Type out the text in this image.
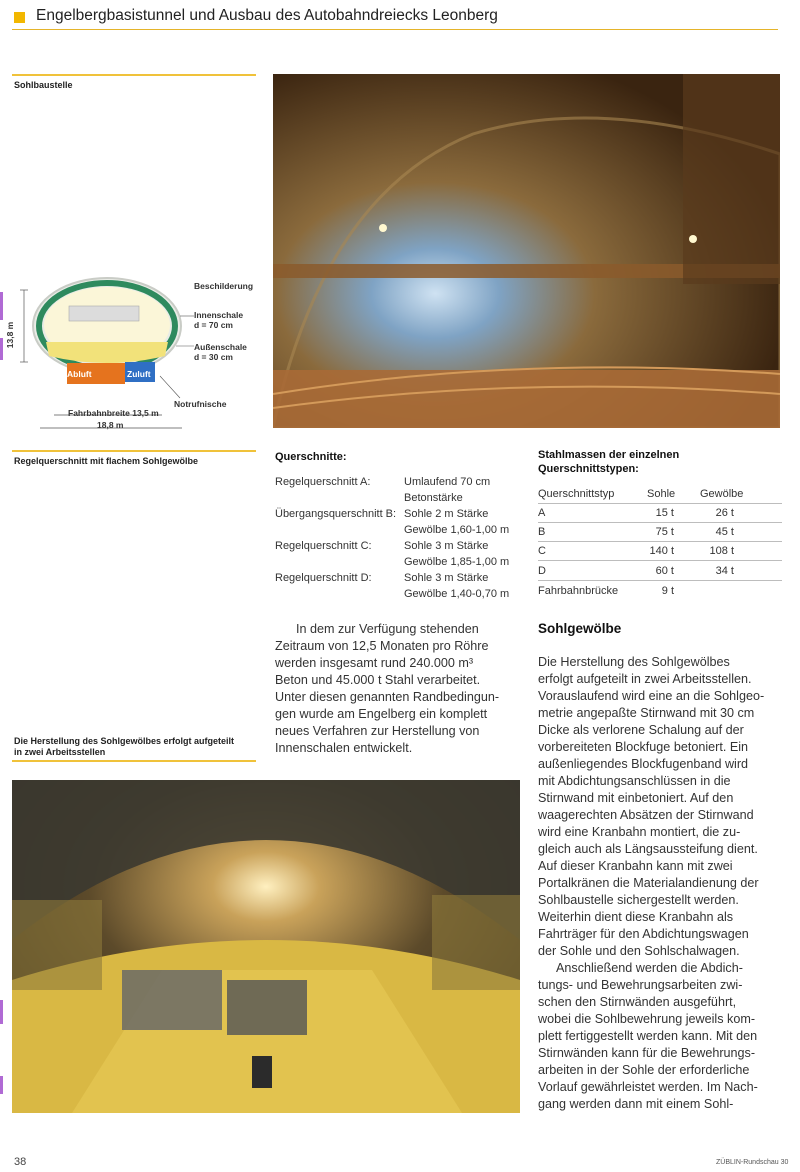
Engelbergbasistunnel und Ausbau des Autobahndreiecks Leonberg
Sohlbaustelle
Beschilderung
Innenschale
d = 70 cm
Außenschale
d = 30 cm
Notrufnische
Abluft	Zuluft
13,8 m
Fahrbahnbreite 13,5 m
18,8 m
Regelquerschnitt mit flachem Sohlgewölbe	Querschnitte:
Regelquerschnitt A:	Umlaufend 70 cm
Betonstärke
Übergangsquerschnitt B: Sohle 2 m Stärke
Gewölbe 1,60-1,00 m
Regelquerschnitt C:	Sohle 3 m Stärke
Gewölbe 1,85-1,00 m
Regelquerschnitt D:	Sohle 3 m Stärke
Gewölbe 1,40-0,70 m
Stahlmassen der einzelnen
Querschnittstypen:
Querschnittstyp	Sohle Gewölbe
A	15 t	26 t
B	75 t	45 t
C	140 t	108 t
D	60 t	34 t
Fahrbahnbrücke	9 t
In dem zur Verfügung stehenden
Zeitraum von 12,5 Monaten pro Röhre
werden insgesamt rund 240.000 m³
Beton und 45.000 t Stahl verarbeitet.
Unter diesen genannten Randbedingun-
gen wurde am Engelberg ein komplett
neues Verfahren zur Herstellung von
Innenschalen entwickelt.
Die Herstellung des Sohlgewölbes erfolgt aufgeteilt
in zwei Arbeitsstellen
Sohlgewölbe
Die Herstellung des Sohlgewölbes
erfolgt aufgeteilt in zwei Arbeitsstellen.
Vorauslaufend wird eine an die Sohlgeo-
metrie angepaßte Stirnwand mit 30 cm
Dicke als verlorene Schalung auf der
vorbereiteten Blockfuge betoniert. Ein
außenliegendes Blockfugenband wird
mit Abdichtungsanschlüssen in die
Stirnwand mit einbetoniert. Auf den
waagerechten Absätzen der Stirnwand
wird eine Kranbahn montiert, die zu-
gleich auch als Längsaussteifung dient.
Auf dieser Kranbahn kann mit zwei
Portalkränen die Materialandienung der
Sohlbaustelle sichergestellt werden.
Weiterhin dient diese Kranbahn als
Fahrträger für den Abdichtungswagen
der Sohle und den Sohlschalwagen.
Anschließend werden die Abdich-
tungs- und Bewehrungsarbeiten zwi-
schen den Stirnwänden ausgeführt,
wobei die Sohlbewehrung jeweils kom-
plett fertiggestellt werden kann. Mit den
Stirnwänden kann für die Bewehrungs-
arbeiten in der Sohle der erforderliche
Vorlauf gewährleistet werden. Im Nach-
gang werden dann mit einem Sohl-
38	ZÜBLIN-Rundschau 30
